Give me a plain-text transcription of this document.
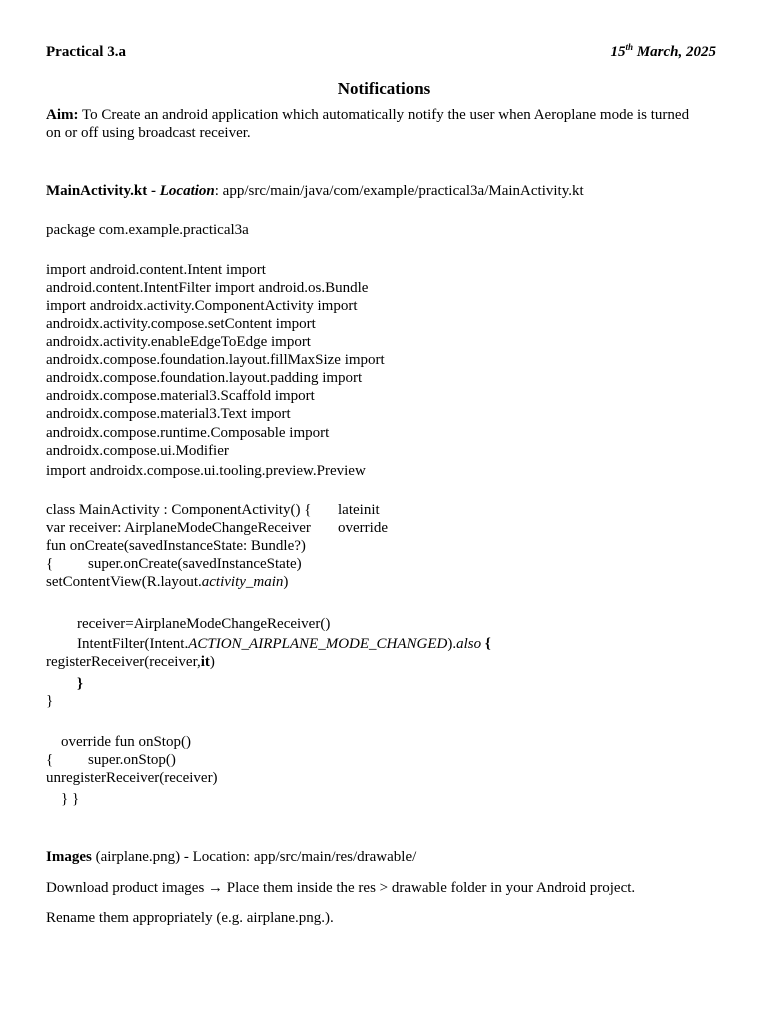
Practical 3.a	15th March, 2025
Notifications
Aim: To Create an android application which automatically notify the user when Aeroplane mode is turned
on or off using broadcast receiver.
MainActivity.kt - Location: app/src/main/java/com/example/practical3a/MainActivity.kt
package com.example.practical3a
import android.content.Intent import
android.content.IntentFilter import android.os.Bundle
import androidx.activity.ComponentActivity import
androidx.activity.compose.setContent import
androidx.activity.enableEdgeToEdge import
androidx.compose.foundation.layout.fillMaxSize import
androidx.compose.foundation.layout.padding import
androidx.compose.material3.Scaffold import
androidx.compose.material3.Text import
androidx.compose.runtime.Composable import
androidx.compose.ui.Modifier
import androidx.compose.ui.tooling.preview.Preview
class MainActivity : ComponentActivity() { lateinit
var receiver: AirplaneModeChangeReceiver override
fun onCreate(savedInstanceState: Bundle?)
{ super.onCreate(savedInstanceState)
setContentView(R.layout.activity_main)
receiver=AirplaneModeChangeReceiver()
IntentFilter(Intent.ACTION_AIRPLANE_MODE_CHANGED).also {
registerReceiver(receiver,it)
}
}
override fun onStop()
{ super.onStop()
unregisterReceiver(receiver)
} }
Images (airplane.png) - Location: app/src/main/res/drawable/
Download product images → Place them inside the res > drawable folder in your Android project.
Rename them appropriately (e.g. airplane.png.).
